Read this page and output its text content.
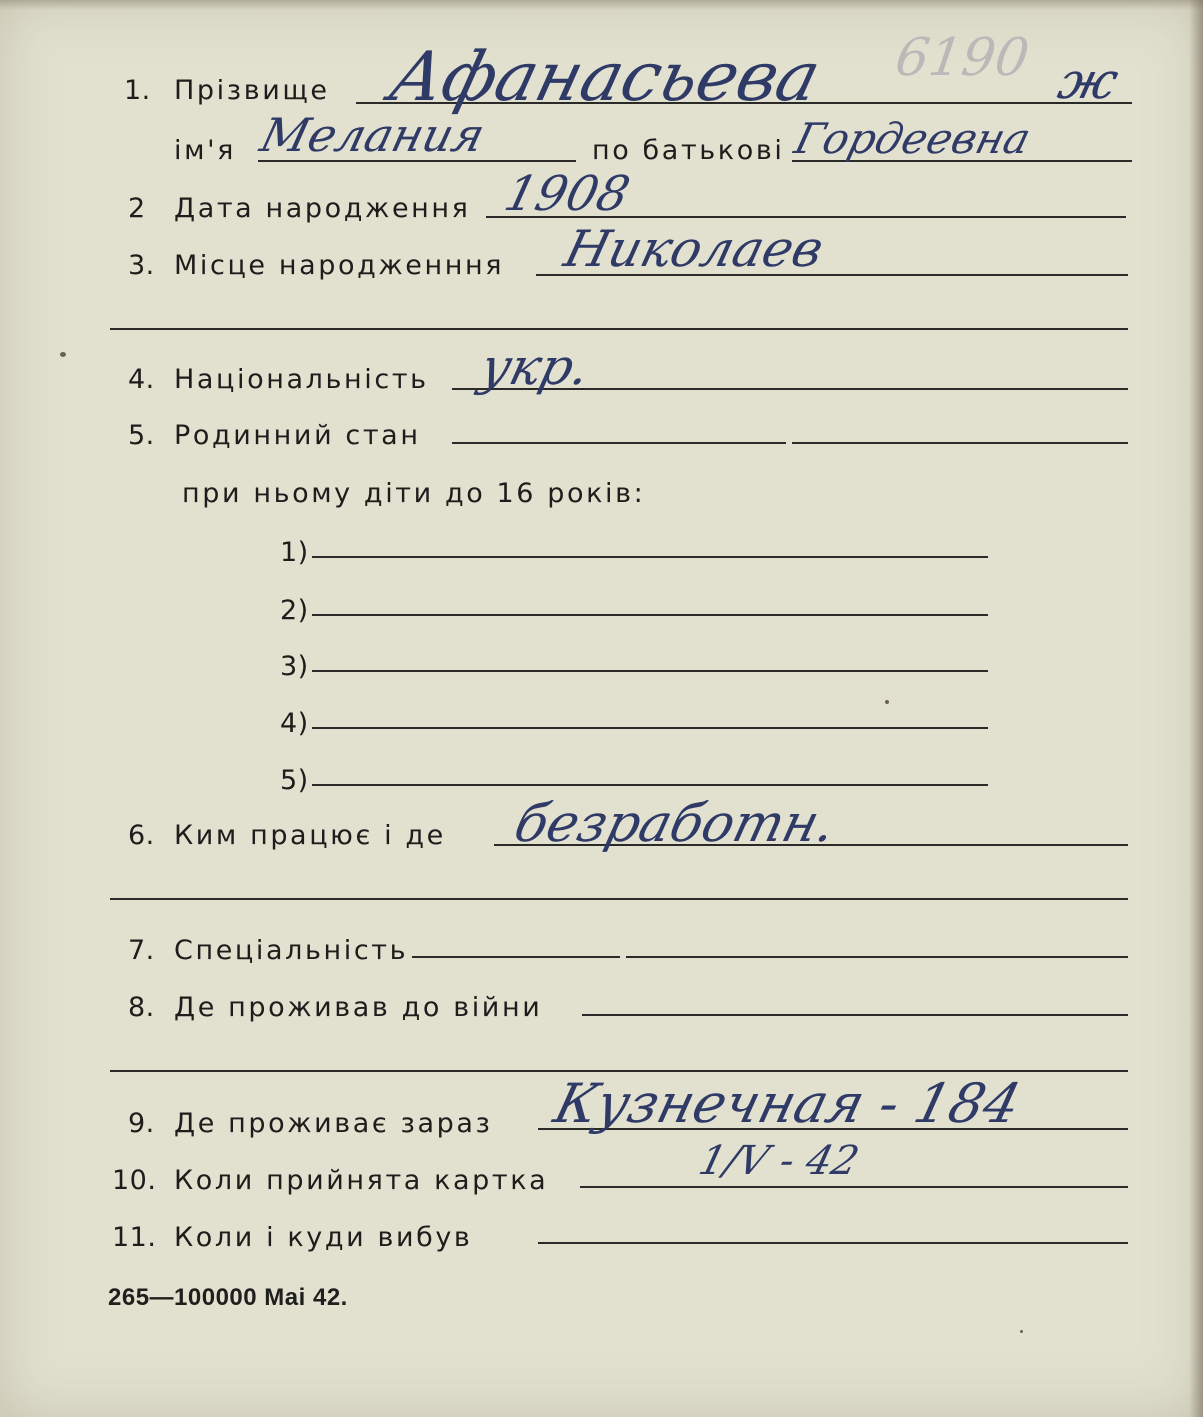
1. Прізвище Афанасьева 6190 ж
ім'я Мелания	по батькові Гордеевна
2 Дата народження 1908
3. Місце народженння Николаев
4. Національність укр.
5. Родинний стан
при ньому діти до 16 років:
1)
2)
3)
4)
5)
6. Ким працює і де безработн.
7. Спеціальність
8. Де проживав до війни
9. Де проживає зараз Кузнечная - 184
10. Коли прийнята картка	1/V - 42
11. Коли і куди вибув
265—100000 Mai 42.
